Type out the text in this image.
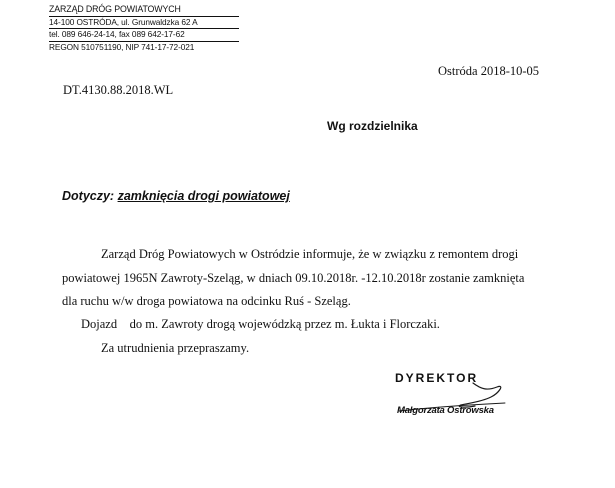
ZARZĄD DRÓG POWIATOWYCH
14-100 OSTRÓDA, ul. Grunwaldzka 62 A
tel. 089 646-24-14, fax 089 642-17-62
REGON 510751190, NIP 741-17-72-021
Ostróda 2018-10-05
DT.4130.88.2018.WL
Wg rozdzielnika
Dotyczy: zamknięcia drogi powiatowej
Zarząd Dróg Powiatowych w Ostródzie informuje, że w związku z remontem drogi
powiatowej 1965N Zawroty-Szeląg, w dniach 09.10.2018r. -12.10.2018r zostanie zamknięta
dla ruchu w/w droga powiatowa na odcinku Ruś - Szeląg.
Dojazd    do m. Zawroty drogą wojewódzką przez m. Łukta i Florczaki.
Za utrudnienia przepraszamy.
DYREKTOR
Małgorzata Ostrowska
